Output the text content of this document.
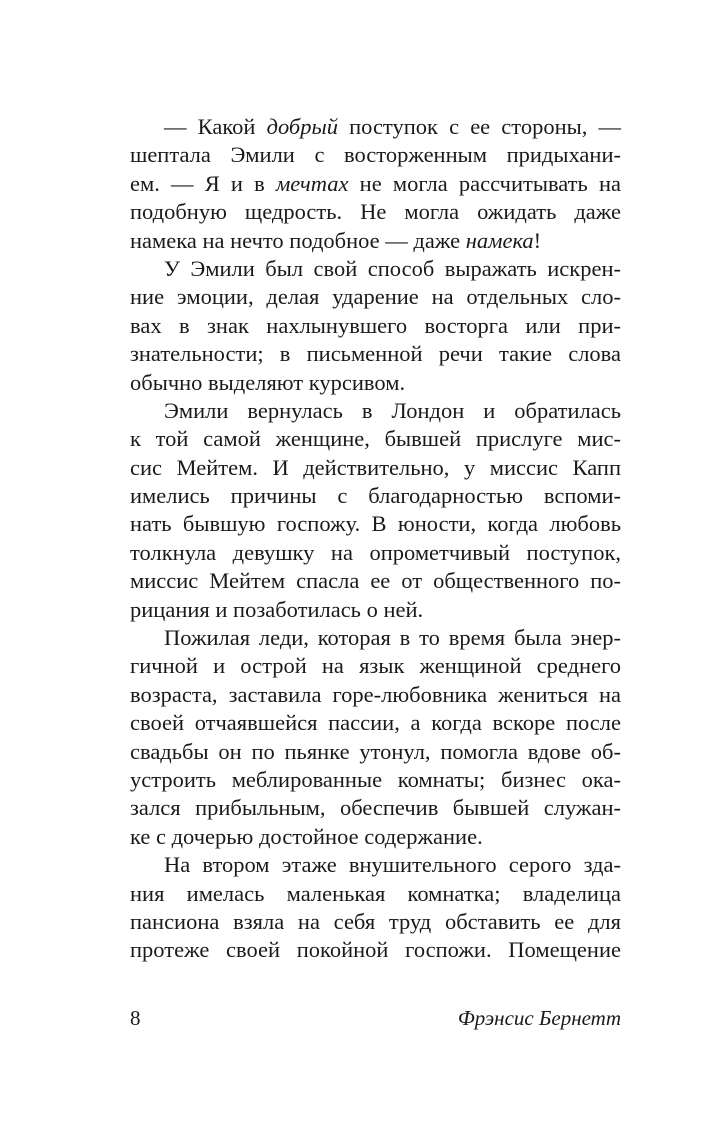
— Какой добрый поступок с ее стороны, —
шептала Эмили с восторженным придыхани-
ем. — Я и в мечтах не могла рассчитывать на
подобную щедрость. Не могла ожидать даже
намека на нечто подобное — даже намека!
У Эмили был свой способ выражать искрен-
ние эмоции, делая ударение на отдельных сло-
вах в знак нахлынувшего восторга или при-
знательности; в письменной речи такие слова
обычно выделяют курсивом.
Эмили вернулась в Лондон и обратилась
к той самой женщине, бывшей прислуге мис-
сис Мейтем. И действительно, у миссис Капп
имелись причины с благодарностью вспоми-
нать бывшую госпожу. В юности, когда любовь
толкнула девушку на опрометчивый поступок,
миссис Мейтем спасла ее от общественного по-
рицания и позаботилась о ней.
Пожилая леди, которая в то время была энер-
гичной и острой на язык женщиной среднего
возраста, заставила горе-любовника жениться на
своей отчаявшейся пассии, а когда вскоре после
свадьбы он по пьянке утонул, помогла вдове об-
устроить меблированные комнаты; бизнес ока-
зался прибыльным, обеспечив бывшей служан-
ке с дочерью достойное содержание.
На втором этаже внушительного серого зда-
ния имелась маленькая комнатка; владелица
пансиона взяла на себя труд обставить ее для
протеже своей покойной госпожи. Помещение
8	Фрэнсис Бернетт
